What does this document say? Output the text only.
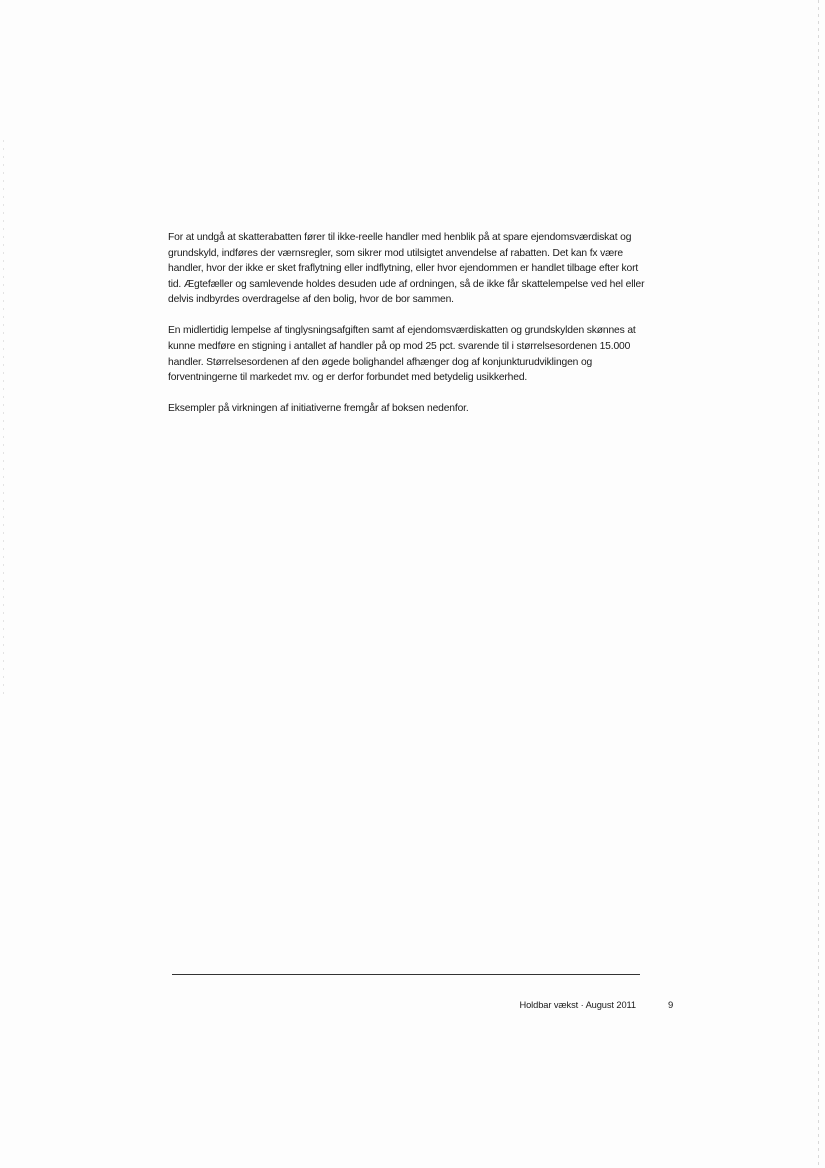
For at undgå at skatterabatten fører til ikke-reelle handler med henblik på at spare ejendomsværdiskat og grundskyld, indføres der værnsregler, som sikrer mod utilsigtet anvendelse af rabatten. Det kan fx være handler, hvor der ikke er sket fraflytning eller indflytning, eller hvor ejendommen er handlet tilbage efter kort tid. Ægtefæller og samlevende holdes desuden ude af ordningen, så de ikke får skattelempelse ved hel eller delvis indbyrdes overdragelse af den bolig, hvor de bor sammen.

En midlertidig lempelse af tinglysningsafgiften samt af ejendomsværdiskatten og grundskylden skønnes at kunne medføre en stigning i antallet af handler på op mod 25 pct. svarende til i størrelsesordenen 15.000 handler. Størrelsesordenen af den øgede bolighandel afhænger dog af konjunkturudviklingen og forventningerne til markedet mv. og er derfor forbundet med betydelig usikkerhed.

Eksempler på virkningen af initiativerne fremgår af boksen nedenfor.

Holdbar vækst · August 2011	9
